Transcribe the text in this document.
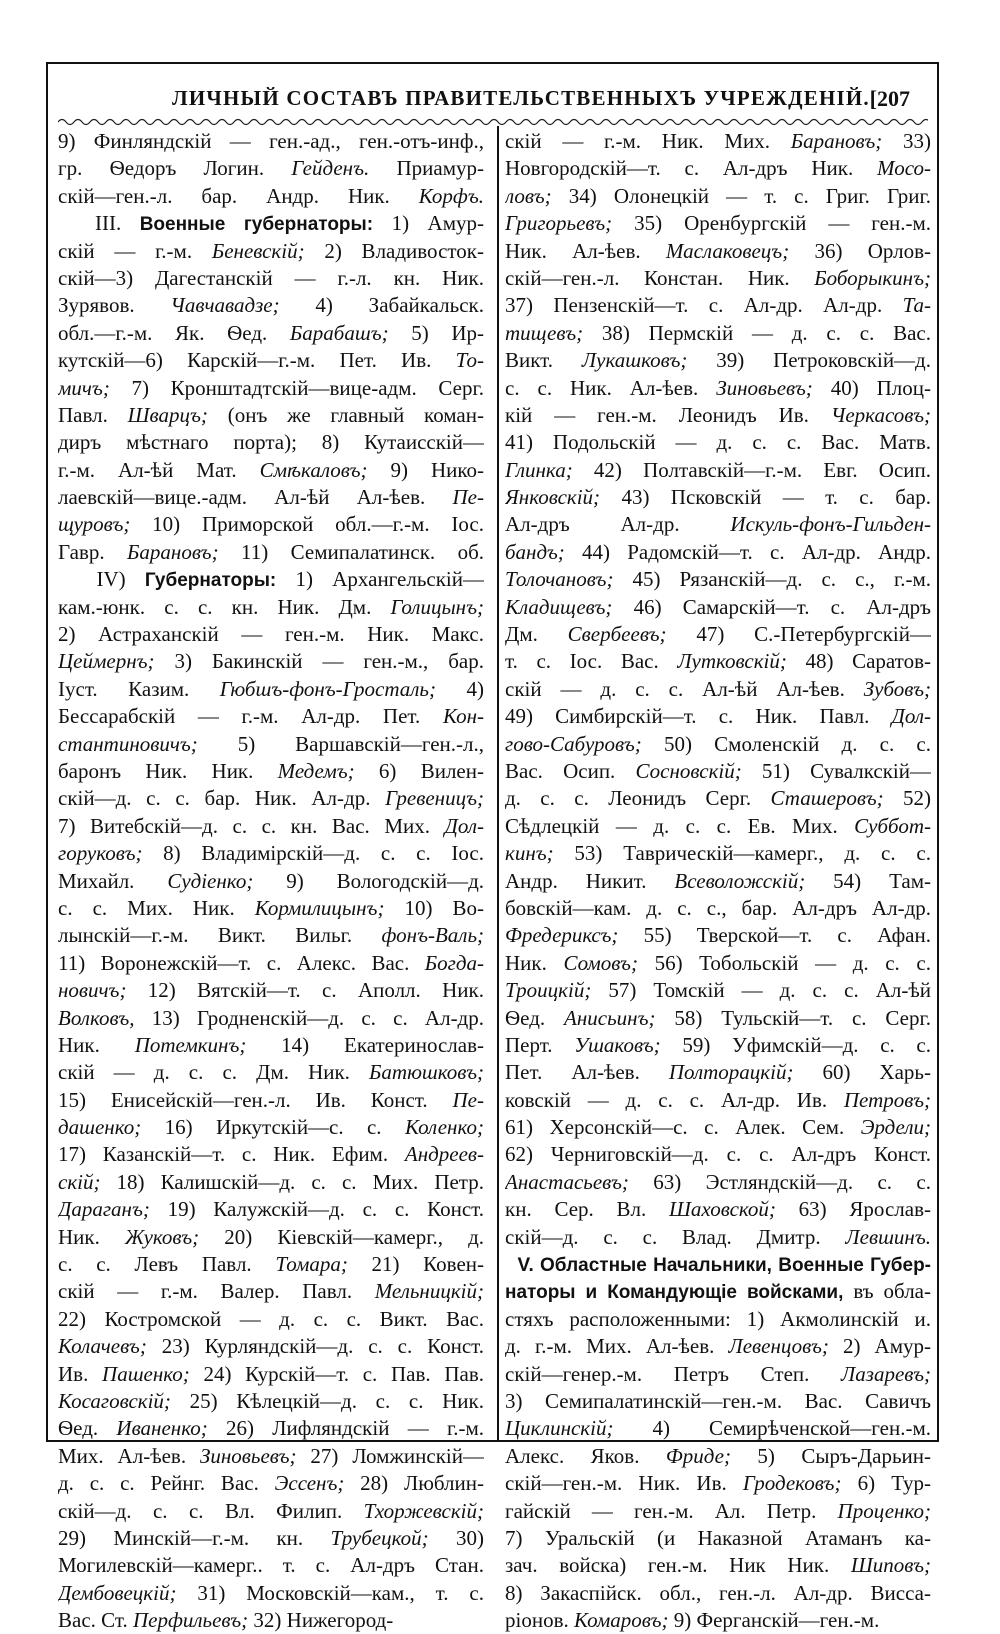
ЛИЧНЫЙ СОСТАВЪ ПРАВИТЕЛЬСТВЕННЫХЪ УЧРЕЖДЕНІЙ. [207
9) Финляндскій — ген.-ад., ген.-отъ-инф.,
гр. Ѳедоръ Логин. Гейденъ. Приамур-
скій—ген.-л. бар. Андр. Ник. Корфъ.
III. Военные губернаторы: 1) Амур-
скій — г.-м. Беневскій; 2) Владивосток-
скій—3) Дагестанскій — г.-л. кн. Ник.
Зурявов. Чавчавадзе; 4) Забайкальск.
обл.—г.-м. Як. Ѳед. Барабашъ; 5) Ир-
кутскій—6) Карскій—г.-м. Пет. Ив. То-
мичъ; 7) Кронштадтскій—вице-адм. Серг.
Павл. Шварцъ; (онъ же главный коман-
диръ мѣстнаго порта); 8) Кутаисскій—
г.-м. Ал-ѣй Мат. Смѣкаловъ; 9) Нико-
лаевскій—вице.-адм. Ал-ѣй Ал-ѣев. Пе-
щуровъ; 10) Приморской обл.—г.-м. Іос.
Гавр. Барановъ; 11) Семипалатинск. об.
IV) Губернаторы: 1) Архангельскій—
кам.-юнк. с. с. кн. Ник. Дм. Голицынъ;
2) Астраханскій — ген.-м. Ник. Макс.
Цеймернъ; 3) Бакинскій — ген.-м., бар.
Іуст. Казим. Гюбшъ-фонъ-Гросталь; 4)
Бессарабскій — г.-м. Ал-др. Пет. Кон-
стантиновичъ; 5) Варшавскій—ген.-л.,
баронъ Ник. Ник. Медемъ; 6) Вилен-
скій—д. с. с. бар. Ник. Ал-др. Гревеницъ;
7) Витебскій—д. с. с. кн. Вас. Мих. Дол-
горуковъ; 8) Владимірскій—д. с. с. Іос.
Михайл. Судіенко; 9) Вологодскій—д.
с. с. Мих. Ник. Кормилицынъ; 10) Во-
лынскій—г.-м. Викт. Вильг. фонъ-Валь;
11) Воронежскій—т. с. Алекс. Вас. Богда-
новичъ; 12) Вятскій—т. с. Аполл. Ник.
Волковъ, 13) Гродненскій—д. с. с. Ал-др.
Ник. Потемкинъ; 14) Екатеринослав-
скій — д. с. с. Дм. Ник. Батюшковъ;
15) Енисейскій—ген.-л. Ив. Конст. Пе-
дашенко; 16) Иркутскій—с. с. Коленко;
17) Казанскій—т. с. Ник. Ефим. Андреев-
скій; 18) Калишскій—д. с. с. Мих. Петр.
Дараганъ; 19) Калужскій—д. с. с. Конст.
Ник. Жуковъ; 20) Кіевскій—камерг., д.
с. с. Левъ Павл. Томара; 21) Ковен-
скій — г.-м. Валер. Павл. Мельницкій;
22) Костромской — д. с. с. Викт. Вас.
Колачевъ; 23) Курляндскій—д. с. с. Конст.
Ив. Пашенко; 24) Курскій—т. с. Пав. Пав.
Косаговскій; 25) Кѣлецкій—д. с. с. Ник.
Ѳед. Иваненко; 26) Лифляндскій — г.-м.
Мих. Ал-ѣев. Зиновьевъ; 27) Ломжинскій—
д. с. с. Рейнг. Вас. Эссенъ; 28) Люблин-
скій—д. с. с. Вл. Филип. Тхоржевскій;
29) Минскій—г.-м. кн. Трубецкой; 30)
Могилевскій—камерг.. т. с. Ал-дръ Стан.
Дембовецкій; 31) Московскій—кам., т. с.
Вас. Ст. Перфильевъ; 32) Нижегород-
скій — г.-м. Ник. Мих. Барановъ; 33)
Новгородскій—т. с. Ал-дръ Ник. Мосо-
ловъ; 34) Олонецкій — т. с. Григ. Григ.
Григорьевъ; 35) Оренбургскій — ген.-м.
Ник. Ал-ѣев. Маслаковецъ; 36) Орлов-
скій—ген.-л. Констан. Ник. Боборыкинъ;
37) Пензенскій—т. с. Ал-др. Ал-др. Та-
тищевъ; 38) Пермскій — д. с. с. Вас.
Викт. Лукашковъ; 39) Петроковскій—д.
с. с. Ник. Ал-ѣев. Зиновьевъ; 40) Плоц-
кій — ген.-м. Леонидъ Ив. Черкасовъ;
41) Подольскій — д. с. с. Вас. Матв.
Глинка; 42) Полтавскій—г.-м. Евг. Осип.
Янковскій; 43) Псковскій — т. с. бар.
Ал-дръ Ал-др. Искуль-фонъ-Гильден-
бандъ; 44) Радомскій—т. с. Ал-др. Андр.
Толочановъ; 45) Рязанскій—д. с. с., г.-м.
Кладищевъ; 46) Самарскій—т. с. Ал-дръ
Дм. Свербеевъ; 47) С.-Петербургскій—
т. с. Іос. Вас. Лутковскій; 48) Саратов-
скій — д. с. с. Ал-ѣй Ал-ѣев. Зубовъ;
49) Симбирскій—т. с. Ник. Павл. Дол-
гово-Сабуровъ; 50) Смоленскій д. с. с.
Вас. Осип. Сосновскій; 51) Сувалкскій—
д. с. с. Леонидъ Серг. Сташеровъ; 52)
Сѣдлецкій — д. с. с. Ев. Мих. Суббот-
кинъ; 53) Таврическій—камерг., д. с. с.
Андр. Никит. Всеволожскій; 54) Там-
бовскій—кам. д. с. с., бар. Ал-дръ Ал-др.
Фредериксъ; 55) Тверской—т. с. Афан.
Ник. Сомовъ; 56) Тобольскій — д. с. с.
Троицкій; 57) Томскій — д. с. с. Ал-ѣй
Ѳед. Анисьинъ; 58) Тульскій—т. с. Серг.
Перт. Ушаковъ; 59) Уфимскій—д. с. с.
Пет. Ал-ѣев. Полторацкій; 60) Харь-
ковскій — д. с. с. Ал-др. Ив. Петровъ;
61) Херсонскій—с. с. Алек. Сем. Эрдели;
62) Черниговскій—д. с. с. Ал-дръ Конст.
Анастасьевъ; 63) Эстляндскій—д. с. с.
кн. Сер. Вл. Шаховской; 63) Ярослав-
скій—д. с. с. Влад. Дмитр. Левшинъ.
V. Областные Начальники, Военные Губер-
наторы и Командующіе войсками, въ обла-
стяхъ расположенными: 1) Акмолинскій и.
д. г.-м. Мих. Ал-ѣев. Левенцовъ; 2) Амур-
скій—генер.-м. Петръ Степ. Лазаревъ;
3) Семипалатинскій—ген.-м. Вас. Савичъ
Циклинскій; 4) Семирѣченской—ген.-м.
Алекс. Яков. Фриде; 5) Сыръ-Дарьин-
скій—ген.-м. Ник. Ив. Гродековъ; 6) Тур-
гайскій — ген.-м. Ал. Петр. Проценко;
7) Уральскій (и Наказной Атаманъ ка-
зач. войска) ген.-м. Ник Ник. Шиповъ;
8) Закаспійск. обл., ген.-л. Ал-др. Висса-
ріонов. Комаровъ; 9) Ферганскій—ген.-м.
